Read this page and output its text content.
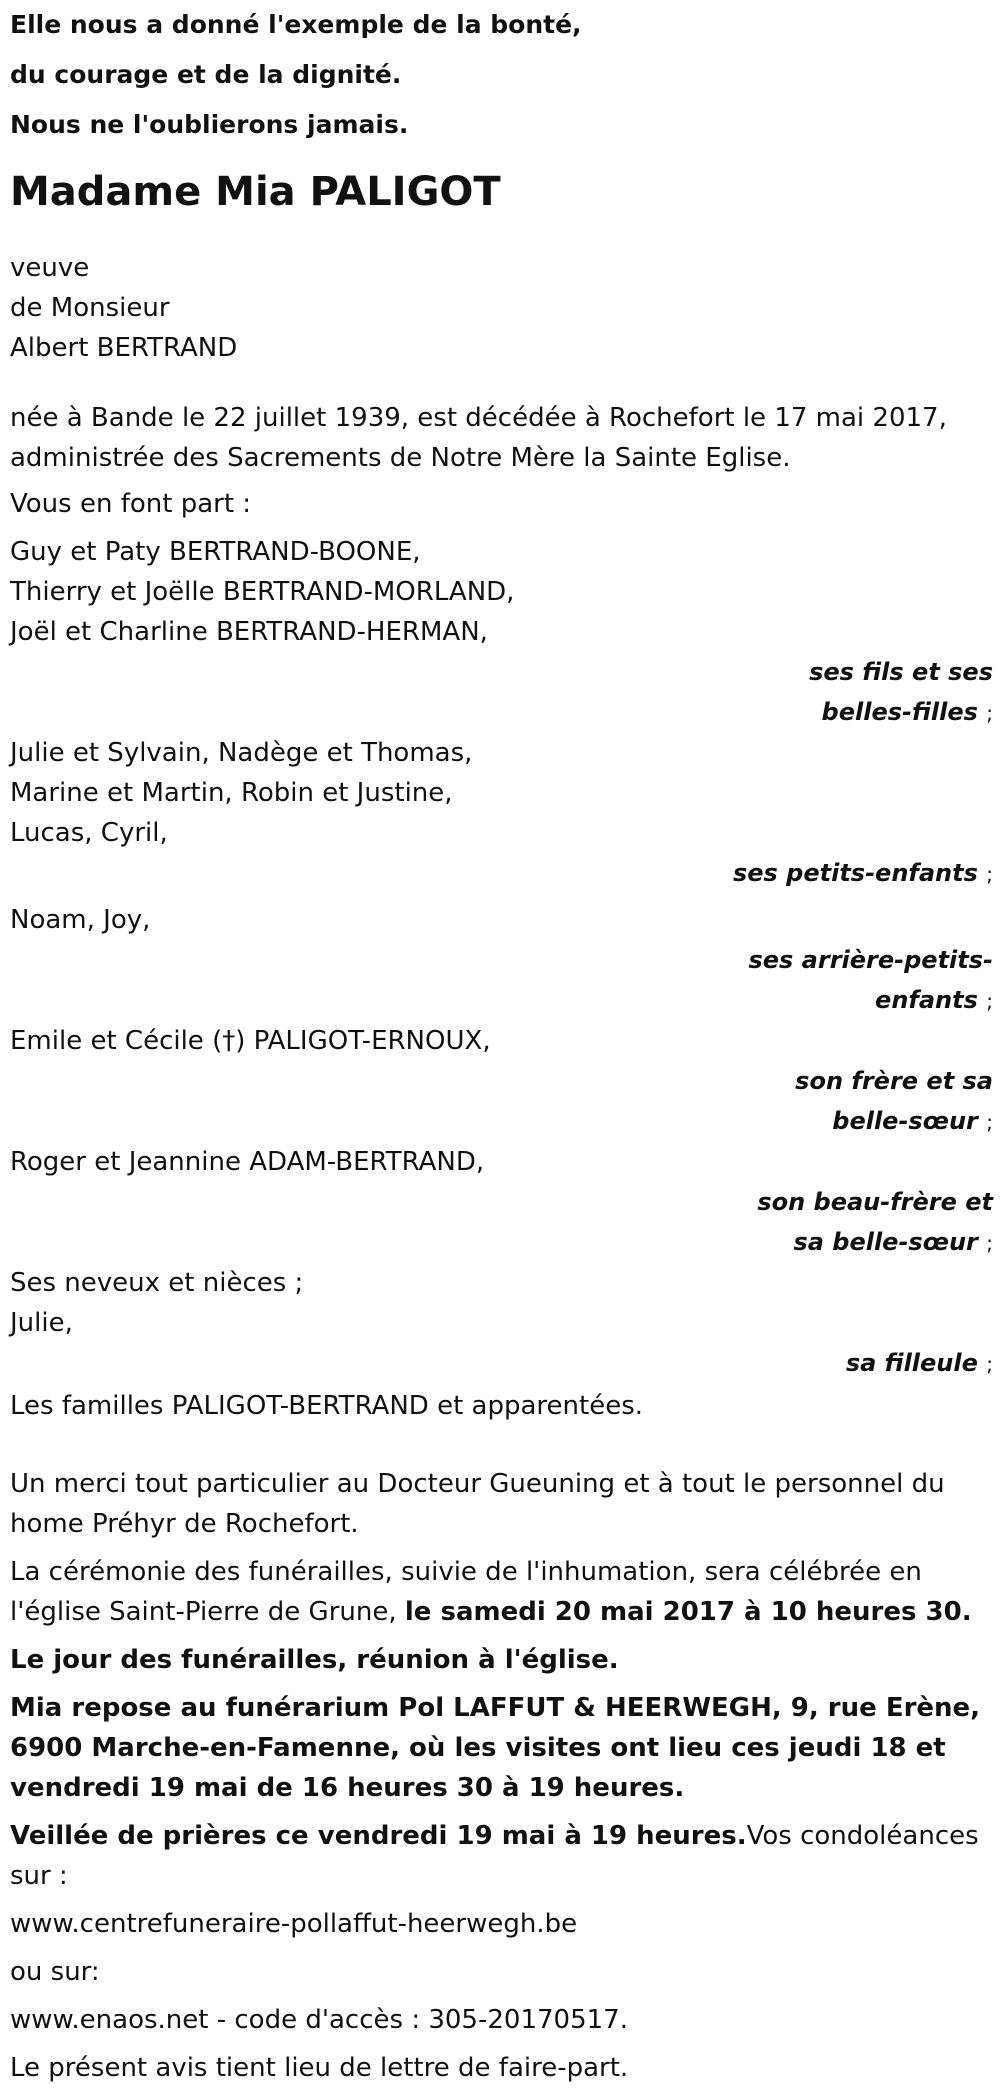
Elle nous a donné l'exemple de la bonté,

du courage et de la dignité.

Nous ne l'oublierons jamais.

Madame Mia PALIGOT

veuve

de Monsieur

Albert BERTRAND

née à Bande le 22 juillet 1939, est décédée à Rochefort le 17 mai 2017,

administrée des Sacrements de Notre Mère la Sainte Eglise.

Vous en font part :

Guy et Paty BERTRAND-BOONE,

Thierry et Joëlle BERTRAND-MORLAND,

Joël et Charline BERTRAND-HERMAN,

ses fils et ses

belles-filles ;

Julie et Sylvain, Nadège et Thomas,

Marine et Martin, Robin et Justine,

Lucas, Cyril,

ses petits-enfants ;

Noam, Joy,

ses arrière-petits-

enfants ;

Emile et Cécile (†) PALIGOT-ERNOUX,

son frère et sa

belle-sœur ;

Roger et Jeannine ADAM-BERTRAND,

son beau-frère et

sa belle-sœur ;

Ses neveux et nièces ;

Julie,

sa filleule ;

Les familles PALIGOT-BERTRAND et apparentées.

Un merci tout particulier au Docteur Gueuning et à tout le personnel du home Préhyr de Rochefort.

La cérémonie des funérailles, suivie de l'inhumation, sera célébrée en l'église Saint-Pierre de Grune, le samedi 20 mai 2017 à 10 heures 30.

Le jour des funérailles, réunion à l'église.

Mia repose au funérarium Pol LAFFUT & HEERWEGH, 9, rue Erène, 6900 Marche-en-Famenne, où les visites ont lieu ces jeudi 18 et vendredi 19 mai de 16 heures 30 à 19 heures.

Veillée de prières ce vendredi 19 mai à 19 heures.Vos condoléances sur :

www.centrefuneraire-pollaffut-heerwegh.be

ou sur:

www.enaos.net - code d'accès : 305-20170517.

Le présent avis tient lieu de lettre de faire-part.
